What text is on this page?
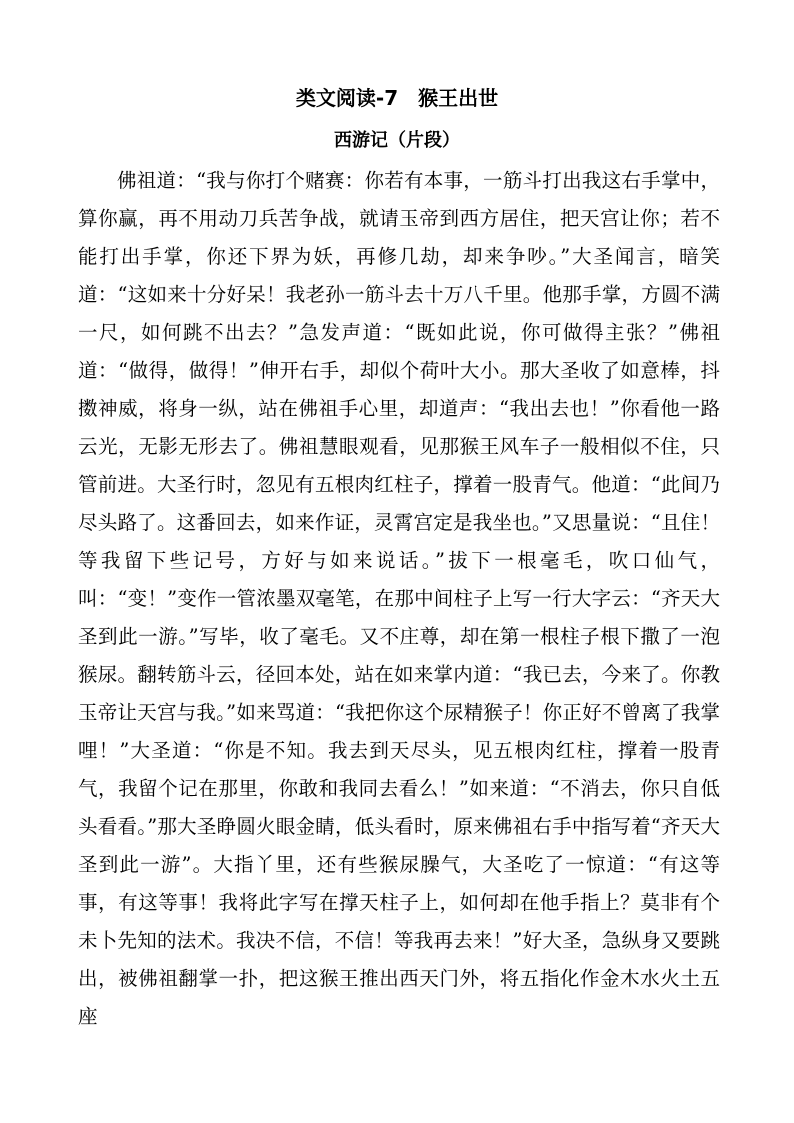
类文阅读-7　猴王出世
西游记（片段）

佛祖道：“我与你打个赌赛：你若有本事，一筋斗打出我这右手掌中，算你赢，再不用动刀兵苦争战，就请玉帝到西方居住，把天宫让你；若不能打出手掌，你还下界为妖，再修几劫，却来争吵。”大圣闻言，暗笑道：“这如来十分好呆！我老孙一筋斗去十万八千里。他那手掌，方圆不满一尺，如何跳不出去？”急发声道：“既如此说，你可做得主张？”佛祖道：“做得，做得！”伸开右手，却似个荷叶大小。那大圣收了如意棒，抖擞神威，将身一纵，站在佛祖手心里，却道声：“我出去也！”你看他一路云光，无影无形去了。佛祖慧眼观看，见那猴王风车子一般相似不住，只管前进。大圣行时，忽见有五根肉红柱子，撑着一股青气。他道：“此间乃尽头路了。这番回去，如来作证，灵霄宫定是我坐也。”又思量说：“且住！等我留下些记号，方好与如来说话。”拔下一根毫毛，吹口仙气，叫：“变！”变作一管浓墨双毫笔，在那中间柱子上写一行大字云：“齐天大圣到此一游。”写毕，收了毫毛。又不庄尊，却在第一根柱子根下撒了一泡猴尿。翻转筋斗云，径回本处，站在如来掌内道：“我已去，今来了。你教玉帝让天宫与我。”如来骂道：“我把你这个尿精猴子！你正好不曾离了我掌哩！”大圣道：“你是不知。我去到天尽头，见五根肉红柱，撑着一股青气，我留个记在那里，你敢和我同去看么！”如来道：“不消去，你只自低头看看。”那大圣睁圆火眼金睛，低头看时，原来佛祖右手中指写着“齐天大圣到此一游”。大指丫里，还有些猴尿臊气，大圣吃了一惊道：“有这等事，有这等事！我将此字写在撑天柱子上，如何却在他手指上？莫非有个未卜先知的法术。我决不信，不信！等我再去来！”好大圣，急纵身又要跳出，被佛祖翻掌一扑，把这猴王推出西天门外，将五指化作金木水火土五座
